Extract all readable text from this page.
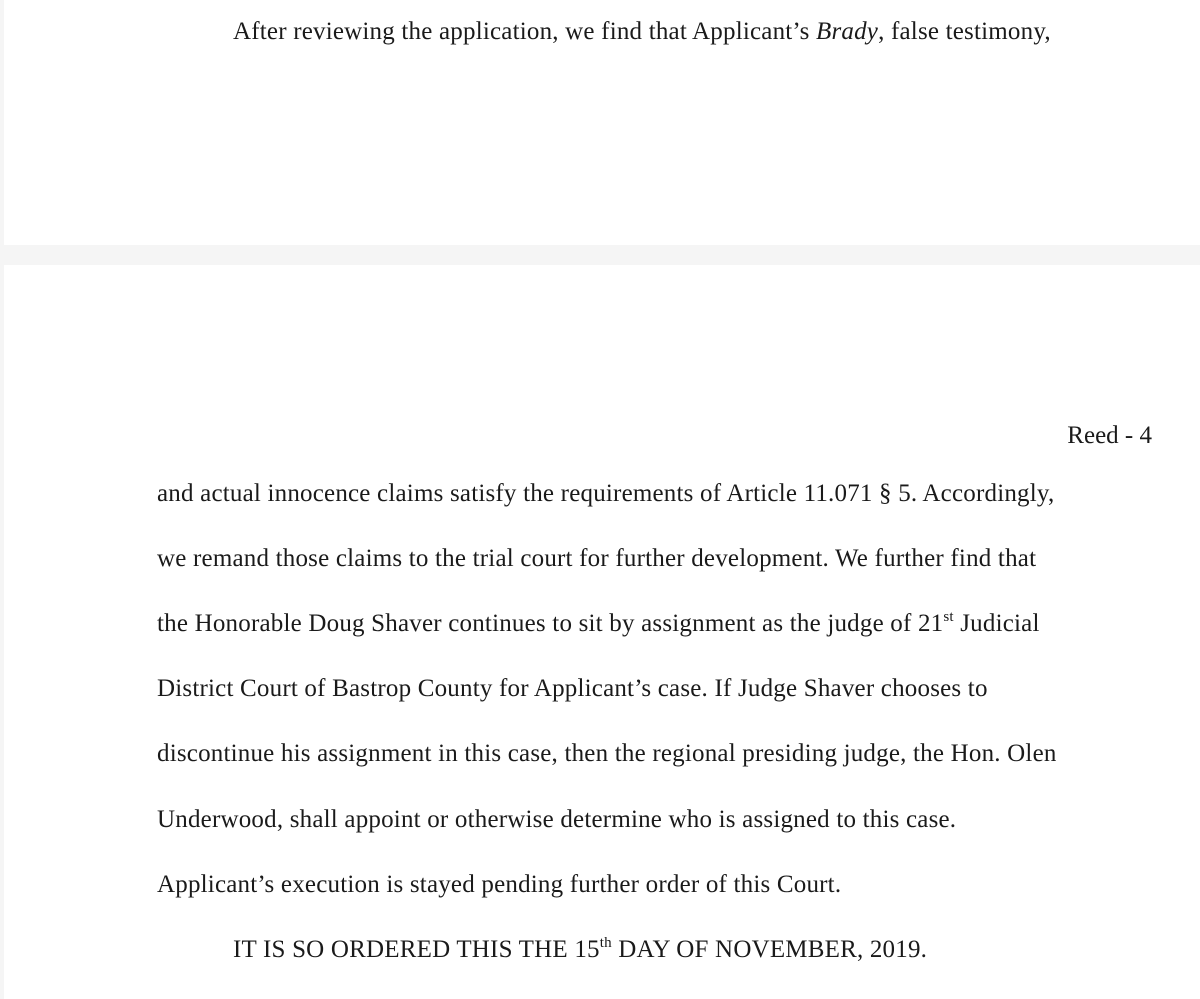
After reviewing the application, we find that Applicant’s Brady, false testimony,

Reed - 4

and actual innocence claims satisfy the requirements of Article 11.071 § 5. Accordingly,

we remand those claims to the trial court for further development. We further find that

the Honorable Doug Shaver continues to sit by assignment as the judge of 21st Judicial

District Court of Bastrop County for Applicant’s case. If Judge Shaver chooses to

discontinue his assignment in this case, then the regional presiding judge, the Hon. Olen

Underwood, shall appoint or otherwise determine who is assigned to this case.

Applicant’s execution is stayed pending further order of this Court.

IT IS SO ORDERED THIS THE 15th DAY OF NOVEMBER, 2019.
